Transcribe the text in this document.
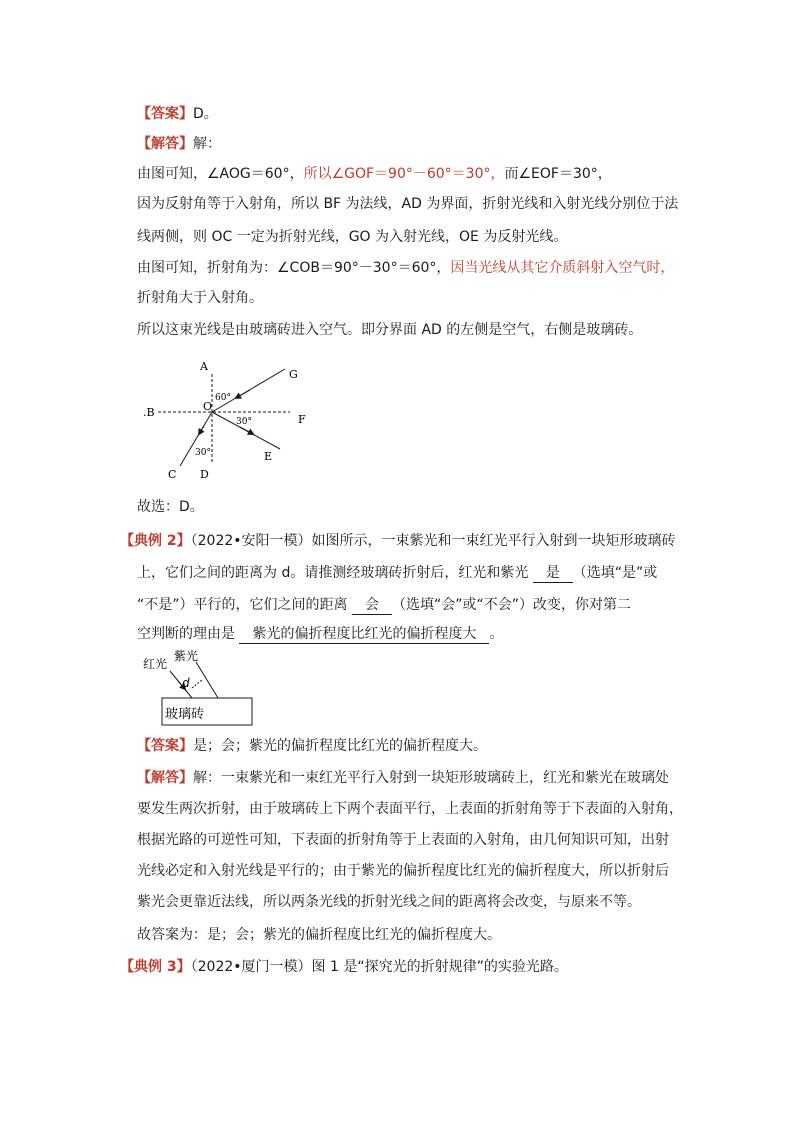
【答案】D。
【解答】解：
由图可知，∠AOG＝60°，所以∠GOF＝90°－60°＝30°，而∠EOF＝30°，
因为反射角等于入射角，所以 BF 为法线，AD 为界面，折射光线和入射光线分别位于法
线两侧，则 OC 一定为折射光线，GO 为入射光线，OE 为反射光线。
由图可知，折射角为：∠COB＝90°－30°＝60°，因当光线从其它介质斜射入空气时，
折射角大于入射角。
所以这束光线是由玻璃砖进入空气。即分界面 AD 的左侧是空气，右侧是玻璃砖。
A
.B	O
G
F
E
C D
60°
30°
30°
故选：D。
【典例 2】（2022•安阳一模）如图所示，一束紫光和一束红光平行入射到一块矩形玻璃砖
上，它们之间的距离为 d。请推测经玻璃砖折射后，红光和紫光 是 （选填“是”或
“不是”）平行的，它们之间的距离 会 （选填“会”或“不会”）改变，你对第二
空判断的理由是 紫光的偏折程度比红光的偏折程度大 。
红光
紫光
d
玻璃砖
【答案】是；会；紫光的偏折程度比红光的偏折程度大。
【解答】解：一束紫光和一束红光平行入射到一块矩形玻璃砖上，红光和紫光在玻璃处
要发生两次折射，由于玻璃砖上下两个表面平行，上表面的折射角等于下表面的入射角，
根据光路的可逆性可知，下表面的折射角等于上表面的入射角，由几何知识可知，出射
光线必定和入射光线是平行的；由于紫光的偏折程度比红光的偏折程度大，所以折射后
紫光会更靠近法线，所以两条光线的折射光线之间的距离将会改变，与原来不等。
故答案为：是；会；紫光的偏折程度比红光的偏折程度大。
【典例 3】（2022•厦门一模）图 1 是“探究光的折射规律”的实验光路。
